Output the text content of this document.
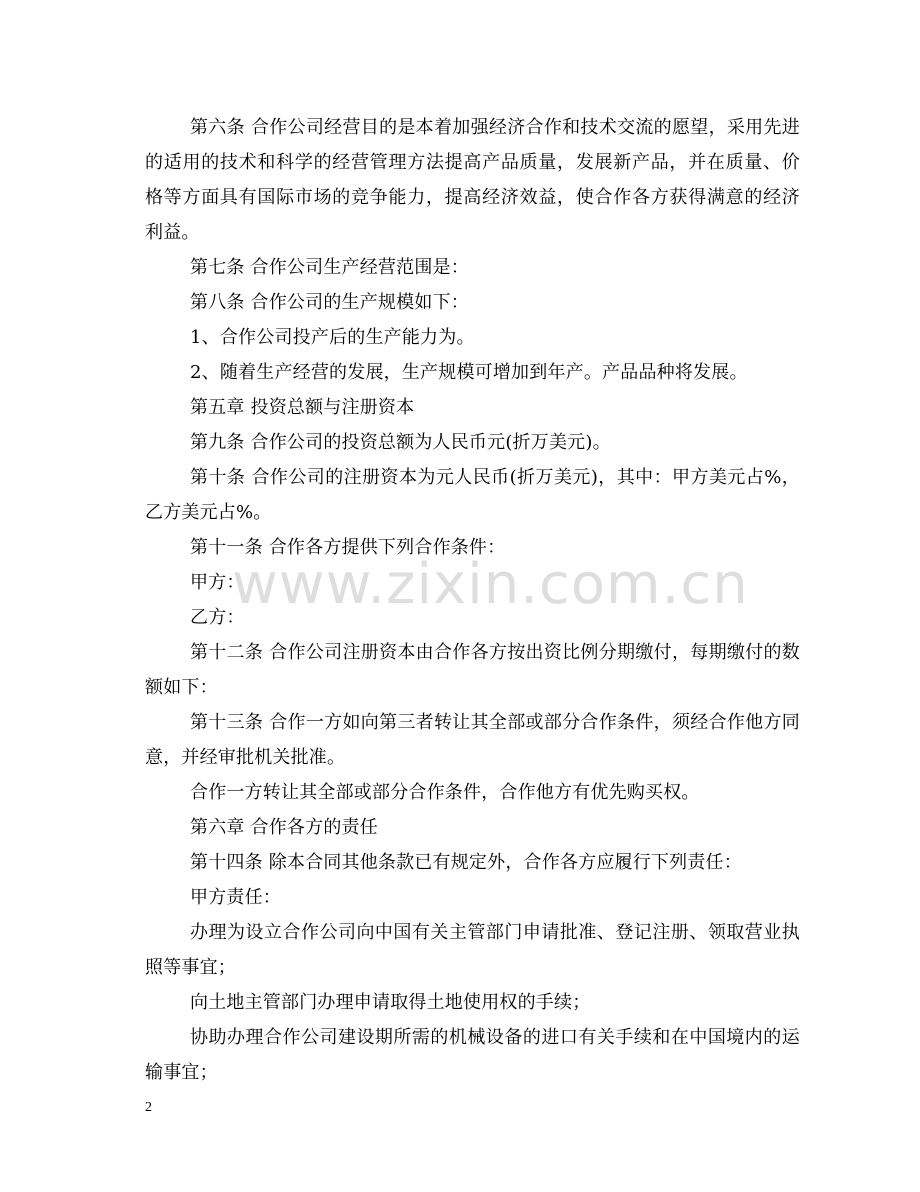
第六条 合作公司经营目的是本着加强经济合作和技术交流的愿望，采用先进的适用的技术和科学的经营管理方法提高产品质量，发展新产品，并在质量、价格等方面具有国际市场的竞争能力，提高经济效益，使合作各方获得满意的经济利益。

第七条 合作公司生产经营范围是：

第八条 合作公司的生产规模如下：

1、合作公司投产后的生产能力为。

2、随着生产经营的发展，生产规模可增加到年产。产品品种将发展。

第五章 投资总额与注册资本

第九条 合作公司的投资总额为人民币元(折万美元)。

第十条 合作公司的注册资本为元人民币(折万美元)，其中：甲方美元占%，乙方美元占%。

第十一条 合作各方提供下列合作条件：

甲方：

乙方：

第十二条 合作公司注册资本由合作各方按出资比例分期缴付，每期缴付的数额如下：

第十三条 合作一方如向第三者转让其全部或部分合作条件，须经合作他方同意，并经审批机关批准。

合作一方转让其全部或部分合作条件，合作他方有优先购买权。

第六章 合作各方的责任

第十四条 除本合同其他条款已有规定外，合作各方应履行下列责任：

甲方责任：

办理为设立合作公司向中国有关主管部门申请批准、登记注册、领取营业执照等事宜；

向土地主管部门办理申请取得土地使用权的手续；

协助办理合作公司建设期所需的机械设备的进口有关手续和在中国境内的运输事宜；

www.zixin.com.cn
2
